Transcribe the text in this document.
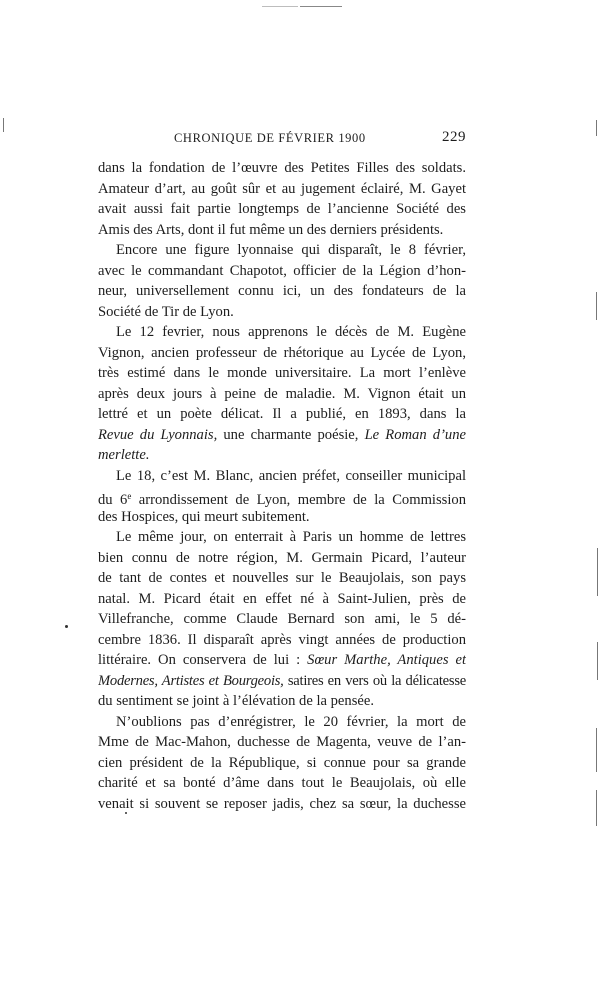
CHRONIQUE DE FÉVRIER 1900	229
dans la fondation de l’œuvre des Petites Filles des soldats.
Amateur d’art, au goût sûr et au jugement éclairé, M. Gayet
avait aussi fait partie longtemps de l’ancienne Société des
Amis des Arts, dont il fut même un des derniers présidents.
Encore une figure lyonnaise qui disparaît, le 8 février,
avec le commandant Chapotot, officier de la Légion d’hon-
neur, universellement connu ici, un des fondateurs de la
Société de Tir de Lyon.
Le 12 fevrier, nous apprenons le décès de M. Eugène
Vignon, ancien professeur de rhétorique au Lycée de Lyon,
très estimé dans le monde universitaire. La mort l’enlève
après deux jours à peine de maladie. M. Vignon était un
lettré et un poète délicat. Il a publié, en 1893, dans la
Revue du Lyonnais, une charmante poésie, Le Roman d’une
merlette.
Le 18, c’est M. Blanc, ancien préfet, conseiller municipal
du 6e arrondissement de Lyon, membre de la Commission
des Hospices, qui meurt subitement.
Le même jour, on enterrait à Paris un homme de lettres
bien connu de notre région, M. Germain Picard, l’auteur
de tant de contes et nouvelles sur le Beaujolais, son pays
natal. M. Picard était en effet né à Saint-Julien, près de
Villefranche, comme Claude Bernard son ami, le 5 dé-
cembre 1836. Il disparaît après vingt années de production
littéraire. On conservera de lui : Sœur Marthe, Antiques et
Modernes, Artistes et Bourgeois, satires en vers où la délicatesse
du sentiment se joint à l’élévation de la pensée.
N’oublions pas d’enrégistrer, le 20 février, la mort de
Mme de Mac-Mahon, duchesse de Magenta, veuve de l’an-
cien président de la République, si connue pour sa grande
charité et sa bonté d’âme dans tout le Beaujolais, où elle
venait si souvent se reposer jadis, chez sa sœur, la duchesse
